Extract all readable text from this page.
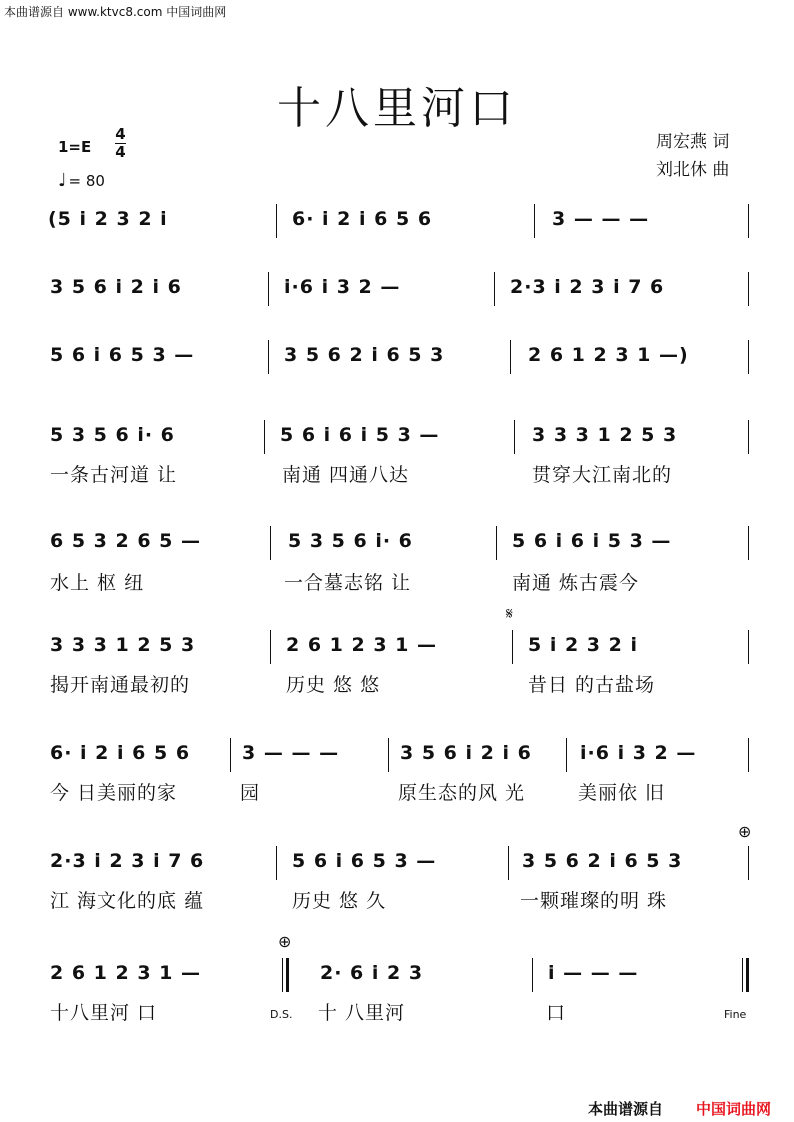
本曲谱源自 www.ktvc8.com 中国词曲网
十八里河口
1=E
4
4
♩ = 80
周宏燕 词
刘北休 曲
(5 i 2 3 2 i	6· i 2 i 6 5 6	3 — — —
3 5 6 i 2 i 6	i·6 i 3 2 —	2·3 i 2 3 i 7 6
5 6 i 6 5 3 —	3 5 6 2 i 6 5 3	2 6 1 2 3 1 —)
5 3 5 6 i· 6	5 6 i 6 i 5 3 —	3 3 3 1 2 5 3
一条古河道 让	南通 四通八达	贯穿大江南北的
6 5 3 2 6 5 —	5 3 5 6 i· 6	5 6 i 6 i 5 3 —
水上 枢 纽	一合墓志铭 让	南通 炼古震今
𝄋
3 3 3 1 2 5 3	2 6 1 2 3 1 —	5 i 2 3 2 i
揭开南通最初的	历史 悠 悠	昔日 的古盐场
6· i 2 i 6 5 6	3 — — —	3 5 6 i 2 i 6	i·6 i 3 2 —
今 日美丽的家	园	原生态的风 光	美丽依 旧
⊕
2·3 i 2 3 i 7 6	5 6 i 6 5 3 —	3 5 6 2 i 6 5 3
江 海文化的底 蕴	历史 悠 久	一颗璀璨的明 珠
⊕
2 6 1 2 3 1 —	2· 6 i 2 3	i — — —
十八里河 口	D.S. 十 八里河	口	Fine
本曲谱源自 中国词曲网
